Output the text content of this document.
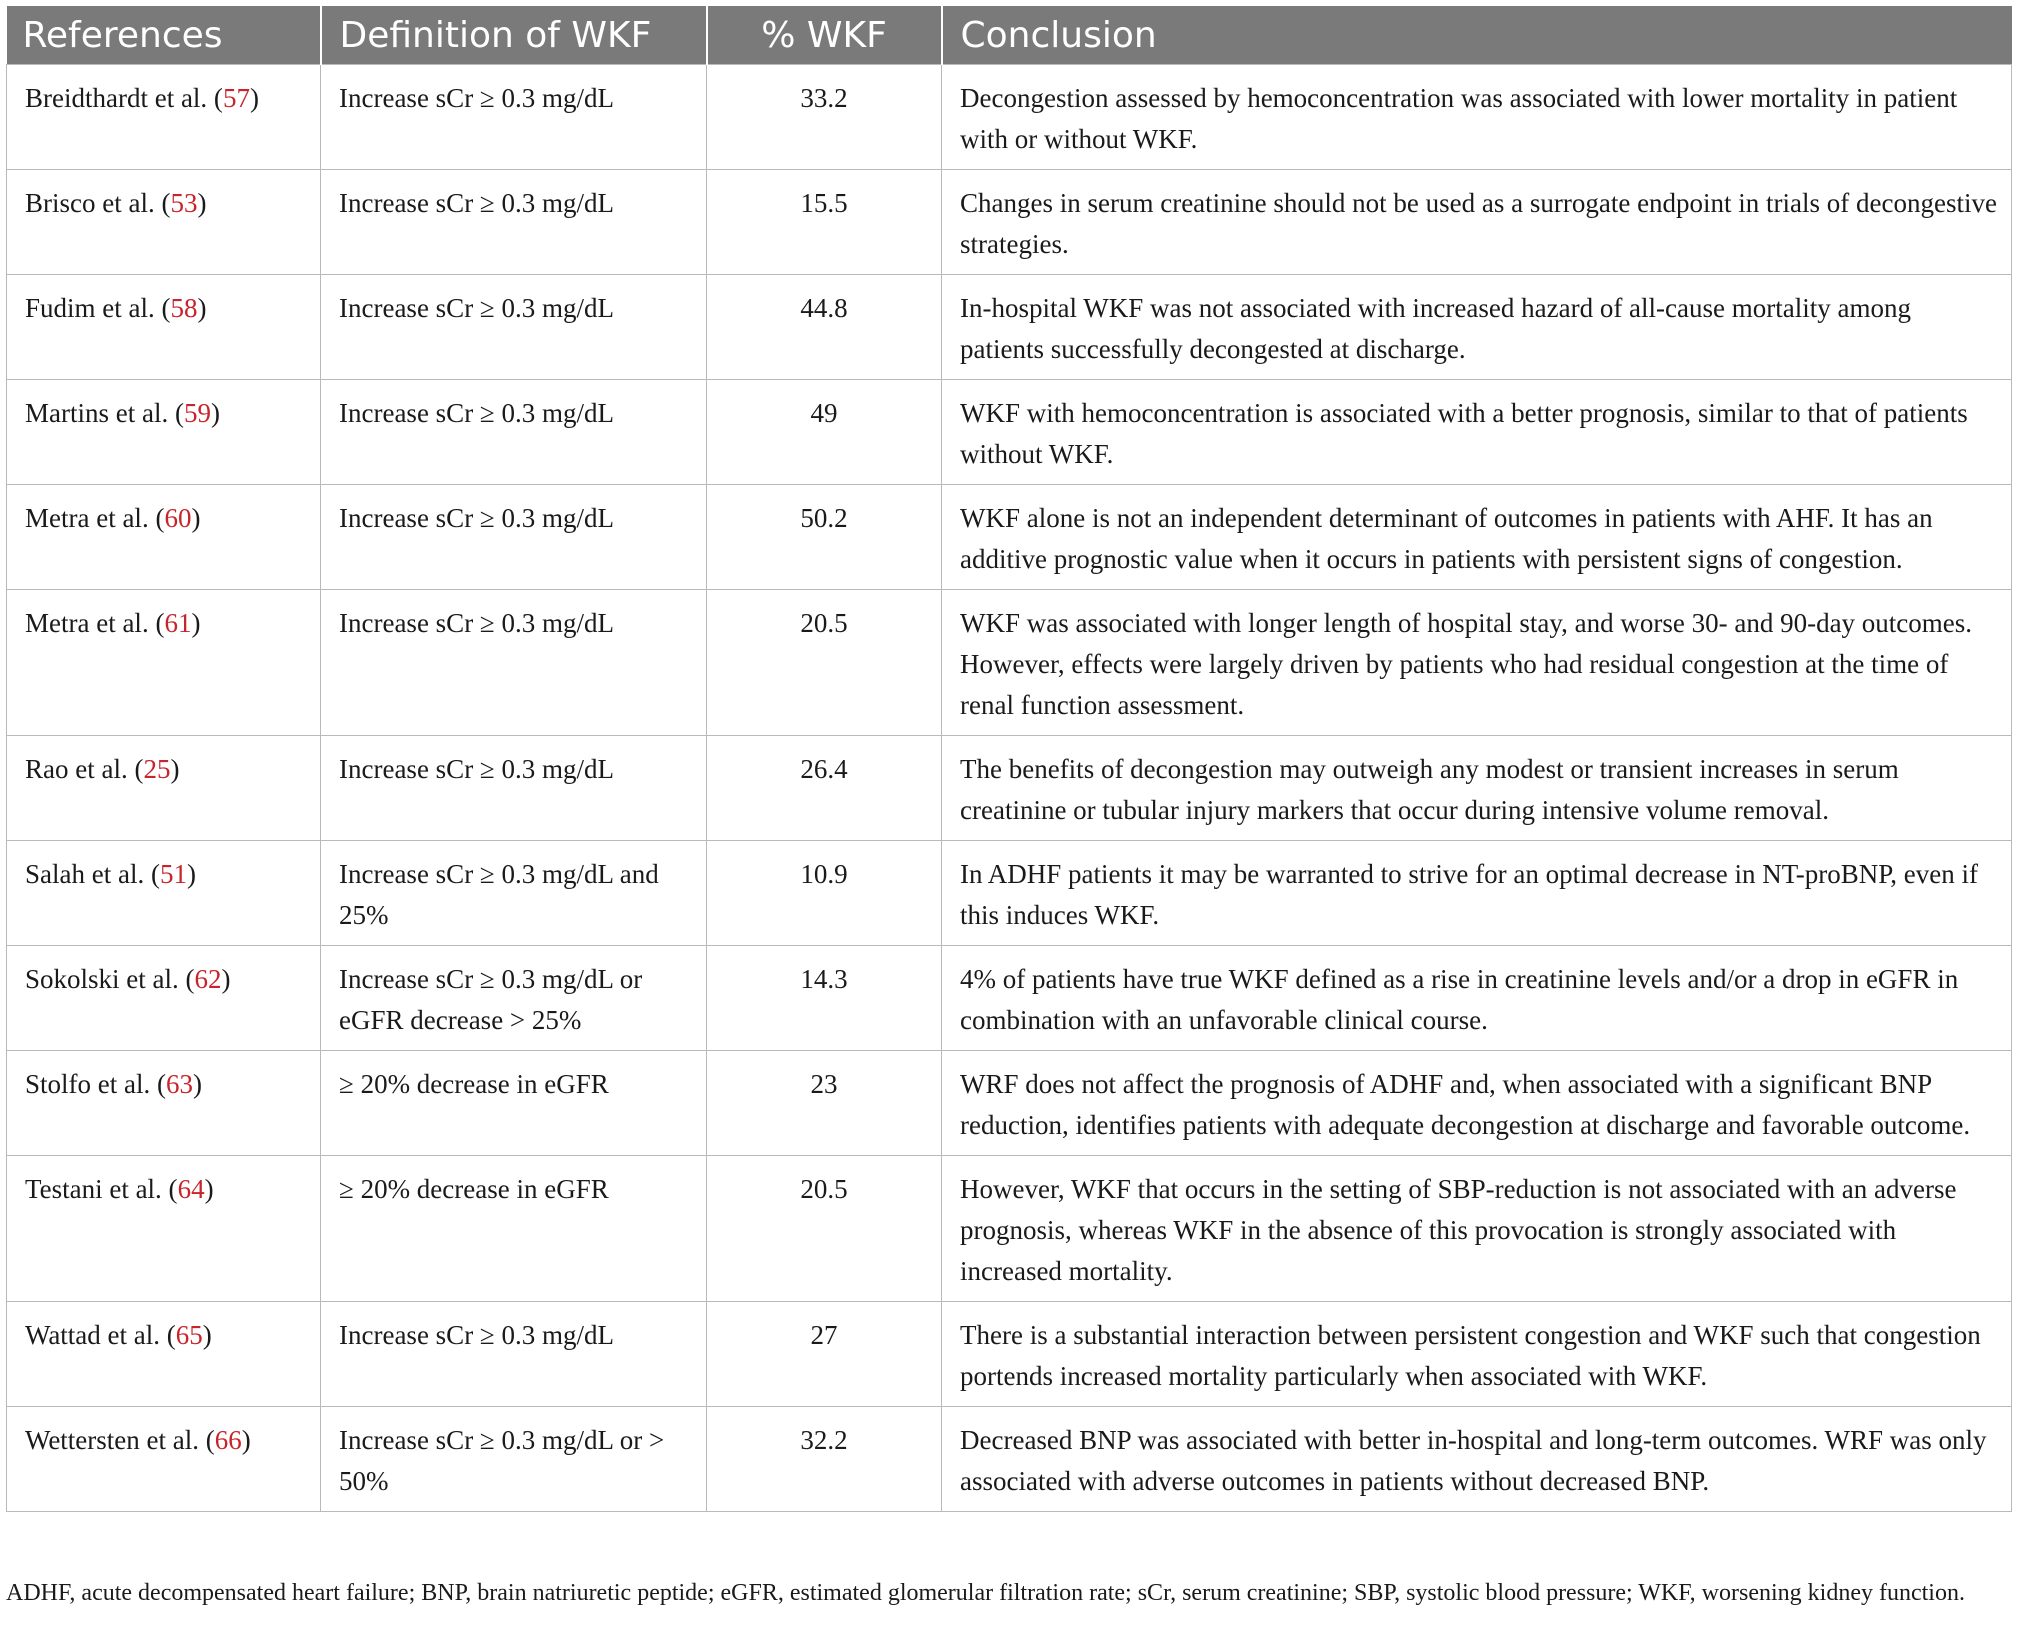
References	Definition of WKF	% WKF	Conclusion
Breidthardt et al. (57)	Increase sCr ≥ 0.3 mg/dL	33.2	Decongestion assessed by hemoconcentration was associated with lower mortality in patient with or without WKF.
Brisco et al. (53)	Increase sCr ≥ 0.3 mg/dL	15.5	Changes in serum creatinine should not be used as a surrogate endpoint in trials of decongestive strategies.
Fudim et al. (58)	Increase sCr ≥ 0.3 mg/dL	44.8	In-hospital WKF was not associated with increased hazard of all-cause mortality among patients successfully decongested at discharge.
Martins et al. (59)	Increase sCr ≥ 0.3 mg/dL	49	WKF with hemoconcentration is associated with a better prognosis, similar to that of patients without WKF.
Metra et al. (60)	Increase sCr ≥ 0.3 mg/dL	50.2	WKF alone is not an independent determinant of outcomes in patients with AHF. It has an additive prognostic value when it occurs in patients with persistent signs of congestion.
Metra et al. (61)	Increase sCr ≥ 0.3 mg/dL	20.5	WKF was associated with longer length of hospital stay, and worse 30- and 90-day outcomes. However, effects were largely driven by patients who had residual congestion at the time of renal function assessment.
Rao et al. (25)	Increase sCr ≥ 0.3 mg/dL	26.4	The benefits of decongestion may outweigh any modest or transient increases in serum creatinine or tubular injury markers that occur during intensive volume removal.
Salah et al. (51)	Increase sCr ≥ 0.3 mg/dL and 25%	10.9	In ADHF patients it may be warranted to strive for an optimal decrease in NT-proBNP, even if this induces WKF.
Sokolski et al. (62)	Increase sCr ≥ 0.3 mg/dL or eGFR decrease > 25%	14.3	4% of patients have true WKF defined as a rise in creatinine levels and/or a drop in eGFR in combination with an unfavorable clinical course.
Stolfo et al. (63)	≥ 20% decrease in eGFR	23	WRF does not affect the prognosis of ADHF and, when associated with a significant BNP reduction, identifies patients with adequate decongestion at discharge and favorable outcome.
Testani et al. (64)	≥ 20% decrease in eGFR	20.5	However, WKF that occurs in the setting of SBP-reduction is not associated with an adverse prognosis, whereas WKF in the absence of this provocation is strongly associated with increased mortality.
Wattad et al. (65)	Increase sCr ≥ 0.3 mg/dL	27	There is a substantial interaction between persistent congestion and WKF such that congestion portends increased mortality particularly when associated with WKF.
Wettersten et al. (66)	Increase sCr ≥ 0.3 mg/dL or > 50%	32.2	Decreased BNP was associated with better in-hospital and long-term outcomes. WRF was only associated with adverse outcomes in patients without decreased BNP.
ADHF, acute decompensated heart failure; BNP, brain natriuretic peptide; eGFR, estimated glomerular filtration rate; sCr, serum creatinine; SBP, systolic blood pressure; WKF, worsening kidney function.
